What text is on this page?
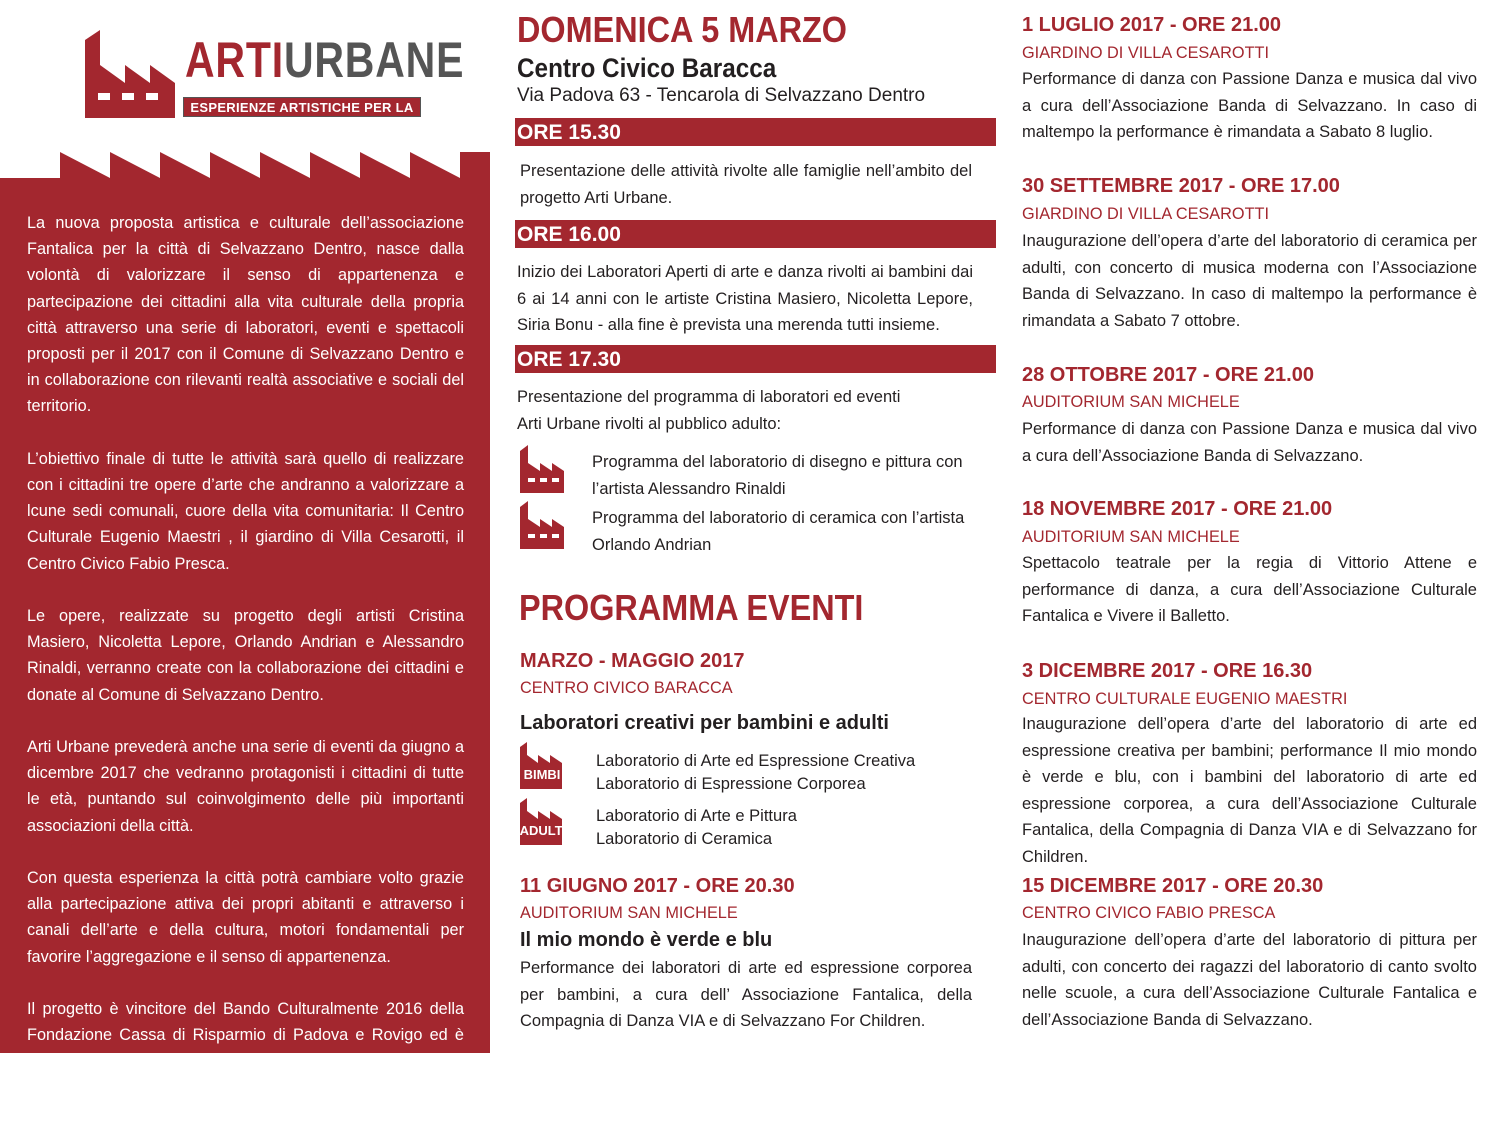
ARTIURBANE
ESPERIENZE ARTISTICHE PER LA CITTÀ

La nuova proposta artistica e culturale dell’associazione Fantalica per la città di Selvazzano Dentro, nasce dalla volontà di valorizzare il senso di appartenenza e partecipazione dei cittadini alla vita culturale della propria città attraverso una serie di laboratori, eventi e spettacoli proposti per il 2017 con il Comune di Selvazzano Dentro e in collaborazione con rilevanti realtà associative e sociali del territorio.

L’obiettivo finale di tutte le attività sarà quello di realizzare con i cittadini tre opere d’arte che andranno a valorizzare a lcune sedi comunali, cuore della vita comunitaria: Il Centro Culturale Eugenio Maestri , il giardino di Villa Cesarotti, il Centro Civico Fabio Presca.

Le opere, realizzate su progetto degli artisti Cristina Masiero, Nicoletta Lepore, Orlando Andrian e Alessandro Rinaldi, verranno create con la collaborazione dei cittadini e donate al Comune di Selvazzano Dentro.

Arti Urbane prevederà anche una serie di eventi da giugno a dicembre 2017 che vedranno protagonisti i cittadini di tutte le età, puntando sul coinvolgimento delle più importanti associazioni della città.

Con questa esperienza la città potrà cambiare volto grazie alla partecipazione attiva dei propri abitanti e attraverso i canali dell’arte e della cultura, motori fondamentali per favorire l’aggregazione e il senso di appartenenza.

Il progetto è vincitore del Bando Culturalmente 2016 della Fondazione Cassa di Risparmio di Padova e Rovigo ed è Patrocinato dalla Provincia di Padova e dal Comune di Selvazzano Dentro.

DOMENICA 5 MARZO
Centro Civico Baracca
Via Padova 63 - Tencarola di Selvazzano Dentro
ORE 15.30
Presentazione delle attività rivolte alle famiglie nell’ambito del progetto Arti Urbane.
ORE 16.00
Inizio dei Laboratori Aperti di arte e danza rivolti ai bambini dai 6 ai 14 anni con le artiste Cristina Masiero, Nicoletta Lepore, Siria Bonu - alla fine è prevista una merenda tutti insieme.
ORE 17.30
Presentazione del programma di laboratori ed eventi
Arti Urbane rivolti al pubblico adulto:
Programma del laboratorio di disegno e pittura con l’artista Alessandro Rinaldi
Programma del laboratorio di ceramica con l’artista Orlando Andrian
PROGRAMMA EVENTI
MARZO - MAGGIO 2017
CENTRO CIVICO BARACCA
Laboratori creativi per bambini e adulti
BIMBI
Laboratorio di Arte ed Espressione Creativa
Laboratorio di Espressione Corporea
ADULTI
Laboratorio di Arte e Pittura
Laboratorio di Ceramica
11 GIUGNO 2017 - ORE 20.30
AUDITORIUM SAN MICHELE
Il mio mondo è verde e blu
Performance dei laboratori di arte ed espressione corporea per bambini, a cura dell’ Associazione Fantalica, della Compagnia di Danza VIA e di Selvazzano For Children.
1 LUGLIO 2017 - ORE 21.00
GIARDINO DI VILLA CESAROTTI
Performance di danza con Passione Danza e musica dal vivo a cura dell’Associazione Banda di Selvazzano. In caso di maltempo la performance è rimandata a Sabato 8 luglio.
30 SETTEMBRE 2017 - ORE 17.00
GIARDINO DI VILLA CESAROTTI
Inaugurazione dell’opera d’arte del laboratorio di ceramica per adulti, con concerto di musica moderna con l’Associazione Banda di Selvazzano. In caso di maltempo la performance è rimandata a Sabato 7 ottobre.
28 OTTOBRE 2017 - ORE 21.00
AUDITORIUM SAN MICHELE
Performance di danza con Passione Danza e musica dal vivo a cura dell’Associazione Banda di Selvazzano.
18 NOVEMBRE 2017 - ORE 21.00
AUDITORIUM SAN MICHELE
Spettacolo teatrale per la regia di Vittorio Attene e performance di danza, a cura dell’Associazione Culturale Fantalica e Vivere il Balletto.
3 DICEMBRE 2017 - ORE 16.30
CENTRO CULTURALE EUGENIO MAESTRI
Inaugurazione dell’opera d’arte del laboratorio di arte ed espressione creativa per bambini; performance Il mio mondo è verde e blu, con i bambini del laboratorio di arte ed espressione corporea, a cura dell’Associazione Culturale Fantalica, della Compagnia di Danza VIA e di Selvazzano for Children.
15 DICEMBRE 2017 - ORE 20.30
CENTRO CIVICO FABIO PRESCA
Inaugurazione dell’opera d’arte del laboratorio di pittura per adulti, con concerto dei ragazzi del laboratorio di canto svolto nelle scuole, a cura dell’Associazione Culturale Fantalica e dell’Associazione Banda di Selvazzano.
